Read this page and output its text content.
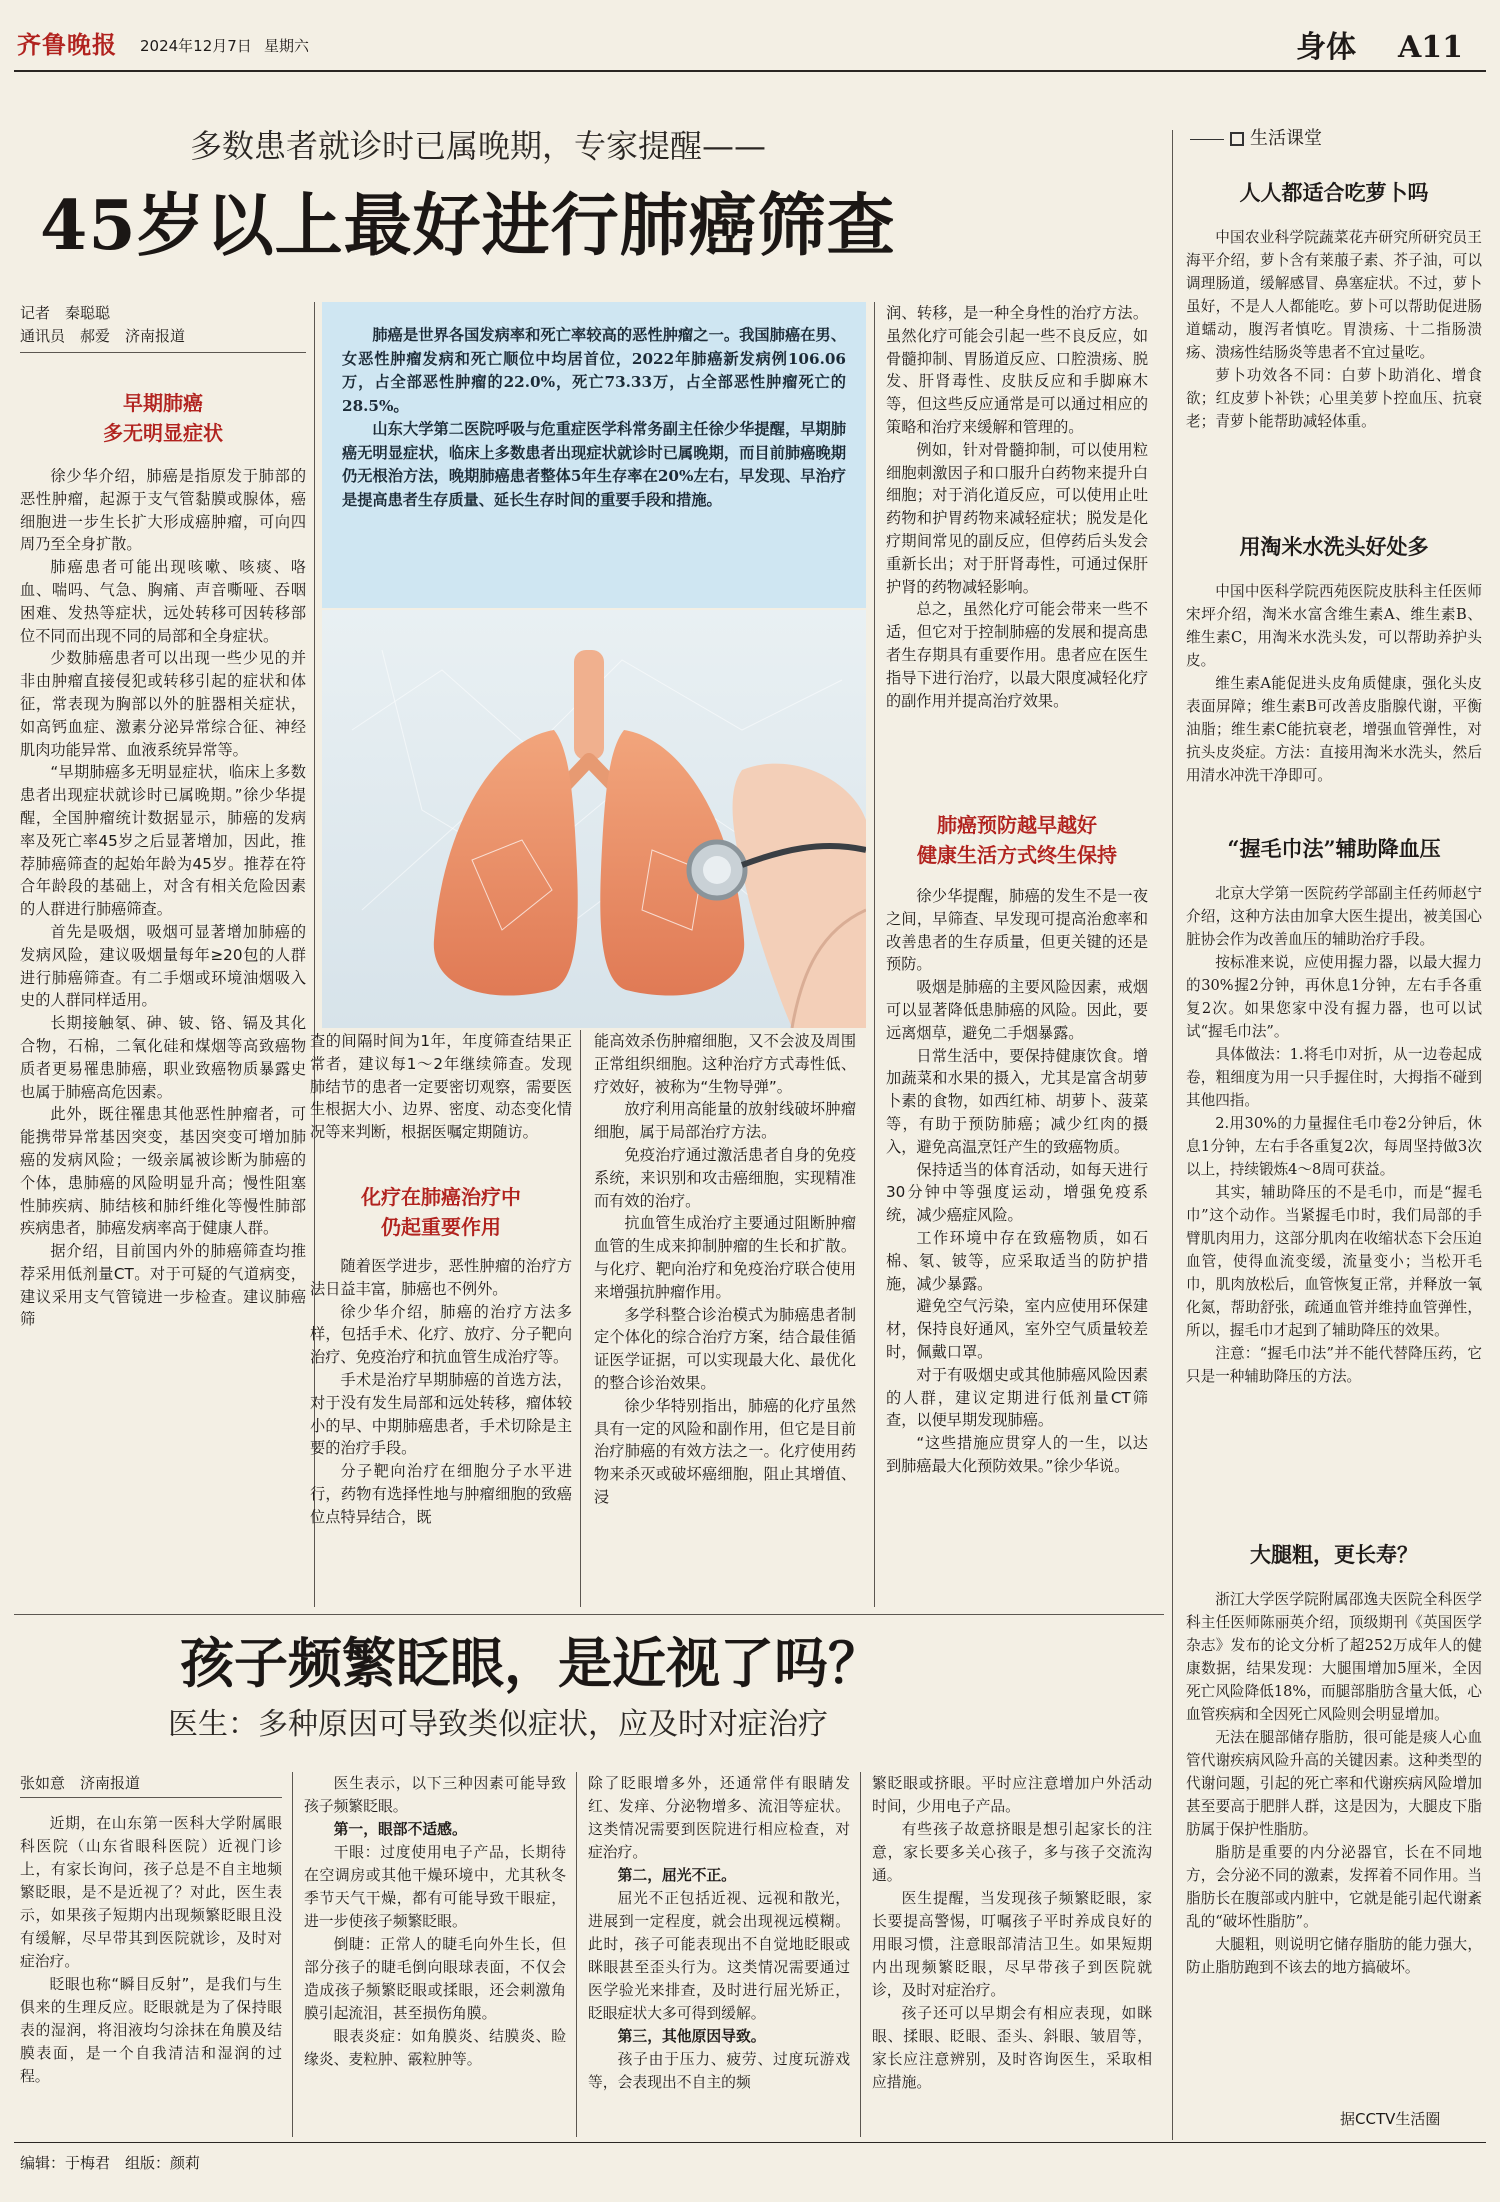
齐鲁晚报 2024年12月7日 星期六	身体 A11
多数患者就诊时已属晚期，专家提醒——
45岁以上最好进行肺癌筛查
记者　秦聪聪
通讯员　郝爱　济南报道
早期肺癌
多无明显症状

徐少华介绍，肺癌是指原发于肺部的恶性肿瘤，起源于支气管黏膜或腺体，癌细胞进一步生长扩大形成癌肿瘤，可向四周乃至全身扩散。

肺癌患者可能出现咳嗽、咳痰、咯血、喘吗、气急、胸痛、声音嘶哑、吞咽困难、发热等症状，远处转移可因转移部位不同而出现不同的局部和全身症状。

少数肺癌患者可以出现一些少见的并非由肿瘤直接侵犯或转移引起的症状和体征，常表现为胸部以外的脏器相关症状，如高钙血症、激素分泌异常综合征、神经肌肉功能异常、血液系统异常等。

“早期肺癌多无明显症状，临床上多数患者出现症状就诊时已属晚期。”徐少华提醒，全国肿瘤统计数据显示，肺癌的发病率及死亡率45岁之后显著增加，因此，推荐肺癌筛查的起始年龄为45岁。推荐在符合年龄段的基础上，对含有相关危险因素的人群进行肺癌筛查。

首先是吸烟，吸烟可显著增加肺癌的发病风险，建议吸烟量每年≥20包的人群进行肺癌筛查。有二手烟或环境油烟吸入史的人群同样适用。

长期接触氡、砷、铍、铬、镉及其化合物，石棉，二氧化硅和煤烟等高致癌物质者更易罹患肺癌，职业致癌物质暴露史也属于肺癌高危因素。

此外，既往罹患其他恶性肿瘤者，可能携带异常基因突变，基因突变可增加肺癌的发病风险；一级亲属被诊断为肺癌的个体，患肺癌的风险明显升高；慢性阻塞性肺疾病、肺结核和肺纤维化等慢性肺部疾病患者，肺癌发病率高于健康人群。

据介绍，目前国内外的肺癌筛查均推荐采用低剂量CT。对于可疑的气道病变，建议采用支气管镜进一步检查。建议肺癌筛

肺癌是世界各国发病率和死亡率较高的恶性肿瘤之一。我国肺癌在男、女恶性肿瘤发病和死亡顺位中均居首位，2022年肺癌新发病例106.06万，占全部恶性肿瘤的22.0%，死亡73.33万，占全部恶性肿瘤死亡的28.5%。

山东大学第二医院呼吸与危重症医学科常务副主任徐少华提醒，早期肺癌无明显症状，临床上多数患者出现症状就诊时已属晚期，而目前肺癌晚期仍无根治方法，晚期肺癌患者整体5年生存率在20%左右，早发现、早治疗是提高患者生存质量、延长生存时间的重要手段和措施。

查的间隔时间为1年，年度筛查结果正常者，建议每1～2年继续筛查。发现肺结节的患者一定要密切观察，需要医生根据大小、边界、密度、动态变化情况等来判断，根据医嘱定期随访。

化疗在肺癌治疗中
仍起重要作用

随着医学进步，恶性肿瘤的治疗方法日益丰富，肺癌也不例外。

徐少华介绍，肺癌的治疗方法多样，包括手术、化疗、放疗、分子靶向治疗、免疫治疗和抗血管生成治疗等。

手术是治疗早期肺癌的首选方法，对于没有发生局部和远处转移，瘤体较小的早、中期肺癌患者，手术切除是主要的治疗手段。

分子靶向治疗在细胞分子水平进行，药物有选择性地与肿瘤细胞的致癌位点特异结合，既

能高效杀伤肿瘤细胞，又不会波及周围正常组织细胞。这种治疗方式毒性低、疗效好，被称为“生物导弹”。

放疗利用高能量的放射线破坏肿瘤细胞，属于局部治疗方法。

免疫治疗通过激活患者自身的免疫系统，来识别和攻击癌细胞，实现精准而有效的治疗。

抗血管生成治疗主要通过阻断肿瘤血管的生成来抑制肿瘤的生长和扩散。与化疗、靶向治疗和免疫治疗联合使用来增强抗肿瘤作用。

多学科整合诊治模式为肺癌患者制定个体化的综合治疗方案，结合最佳循证医学证据，可以实现最大化、最优化的整合诊治效果。

徐少华特别指出，肺癌的化疗虽然具有一定的风险和副作用，但它是目前治疗肺癌的有效方法之一。化疗使用药物来杀灭或破坏癌细胞，阻止其增值、浸

润、转移，是一种全身性的治疗方法。虽然化疗可能会引起一些不良反应，如骨髓抑制、胃肠道反应、口腔溃疡、脱发、肝肾毒性、皮肤反应和手脚麻木等，但这些反应通常是可以通过相应的策略和治疗来缓解和管理的。

例如，针对骨髓抑制，可以使用粒细胞刺激因子和口服升白药物来提升白细胞；对于消化道反应，可以使用止吐药物和护胃药物来减轻症状；脱发是化疗期间常见的副反应，但停药后头发会重新长出；对于肝肾毒性，可通过保肝护肾的药物减轻影响。

总之，虽然化疗可能会带来一些不适，但它对于控制肺癌的发展和提高患者生存期具有重要作用。患者应在医生指导下进行治疗，以最大限度减轻化疗的副作用并提高治疗效果。

肺癌预防越早越好
健康生活方式终生保持

徐少华提醒，肺癌的发生不是一夜之间，早筛查、早发现可提高治愈率和改善患者的生存质量，但更关键的还是预防。

吸烟是肺癌的主要风险因素，戒烟可以显著降低患肺癌的风险。因此，要远离烟草，避免二手烟暴露。

日常生活中，要保持健康饮食。增加蔬菜和水果的摄入，尤其是富含胡萝卜素的食物，如西红柿、胡萝卜、菠菜等，有助于预防肺癌；减少红肉的摄入，避免高温烹饪产生的致癌物质。

保持适当的体育活动，如每天进行30分钟中等强度运动，增强免疫系统，减少癌症风险。

工作环境中存在致癌物质，如石棉、氡、铍等，应采取适当的防护措施，减少暴露。

避免空气污染，室内应使用环保建材，保持良好通风，室外空气质量较差时，佩戴口罩。

对于有吸烟史或其他肺癌风险因素的人群，建议定期进行低剂量CT筛查，以便早期发现肺癌。

“这些措施应贯穿人的一生，以达到肺癌最大化预防效果。”徐少华说。

生活课堂
人人都适合吃萝卜吗

中国农业科学院蔬菜花卉研究所研究员王海平介绍，萝卜含有莱菔子素、芥子油，可以调理肠道，缓解感冒、鼻塞症状。不过，萝卜虽好，不是人人都能吃。萝卜可以帮助促进肠道蠕动，腹泻者慎吃。胃溃疡、十二指肠溃疡、溃疡性结肠炎等患者不宜过量吃。

萝卜功效各不同：白萝卜助消化、增食欲；红皮萝卜补铁；心里美萝卜控血压、抗衰老；青萝卜能帮助减轻体重。

用淘米水洗头好处多

中国中医科学院西苑医院皮肤科主任医师宋坪介绍，淘米水富含维生素A、维生素B、维生素C，用淘米水洗头发，可以帮助养护头皮。

维生素A能促进头皮角质健康，强化头皮表面屏障；维生素B可改善皮脂腺代谢，平衡油脂；维生素C能抗衰老，增强血管弹性，对抗头皮炎症。方法：直接用淘米水洗头，然后用清水冲洗干净即可。

“握毛巾法”辅助降血压

北京大学第一医院药学部副主任药师赵宁介绍，这种方法由加拿大医生提出，被美国心脏协会作为改善血压的辅助治疗手段。

按标准来说，应使用握力器，以最大握力的30%握2分钟，再休息1分钟，左右手各重复2次。如果您家中没有握力器，也可以试试“握毛巾法”。

具体做法：1.将毛巾对折，从一边卷起成卷，粗细度为用一只手握住时，大拇指不碰到其他四指。

2.用30%的力量握住毛巾卷2分钟后，休息1分钟，左右手各重复2次，每周坚持做3次以上，持续锻炼4～8周可获益。

其实，辅助降压的不是毛巾，而是“握毛巾”这个动作。当紧握毛巾时，我们局部的手臂肌肉用力，这部分肌肉在收缩状态下会压迫血管，使得血流变缓，流量变小；当松开毛巾，肌肉放松后，血管恢复正常，并释放一氧化氮，帮助舒张，疏通血管并维持血管弹性，所以，握毛巾才起到了辅助降压的效果。

注意：“握毛巾法”并不能代替降压药，它只是一种辅助降压的方法。

大腿粗，更长寿？

浙江大学医学院附属邵逸夫医院全科医学科主任医师陈丽英介绍，顶级期刊《英国医学杂志》发布的论文分析了超252万成年人的健康数据，结果发现：大腿围增加5厘米，全因死亡风险降低18%，而腿部脂肪含量大低，心血管疾病和全因死亡风险则会明显增加。

无法在腿部储存脂肪，很可能是痰人心血管代谢疾病风险升高的关键因素。这种类型的代谢问题，引起的死亡率和代谢疾病风险增加甚至要高于肥胖人群，这是因为，大腿皮下脂肪属于保护性脂肪。

脂肪是重要的内分泌器官，长在不同地方，会分泌不同的激素，发挥着不同作用。当脂肪长在腹部或内脏中，它就是能引起代谢紊乱的“破坏性脂肪”。

大腿粗，则说明它储存脂肪的能力强大，防止脂肪跑到不该去的地方搞破坏。

据CCTV生活圈
孩子频繁眨眼，是近视了吗？
医生：多种原因可导致类似症状，应及时对症治疗
张如意　济南报道

近期，在山东第一医科大学附属眼科医院（山东省眼科医院）近视门诊上，有家长询问，孩子总是不自主地频繁眨眼，是不是近视了？对此，医生表示，如果孩子短期内出现频繁眨眼且没有缓解，尽早带其到医院就诊，及时对症治疗。

眨眼也称“瞬目反射”，是我们与生俱来的生理反应。眨眼就是为了保持眼表的湿润，将泪液均匀涂抹在角膜及结膜表面，是一个自我清洁和湿润的过程。

医生表示，以下三种因素可能导致孩子频繁眨眼。

第一，眼部不适感。

干眼：过度使用电子产品，长期待在空调房或其他干燥环境中，尤其秋冬季节天气干燥，都有可能导致干眼症，进一步使孩子频繁眨眼。

倒睫：正常人的睫毛向外生长，但部分孩子的睫毛倒向眼球表面，不仅会造成孩子频繁眨眼或揉眼，还会刺激角膜引起流泪，甚至损伤角膜。

眼表炎症：如角膜炎、结膜炎、睑缘炎、麦粒肿、霰粒肿等。

除了眨眼增多外，还通常伴有眼睛发红、发痒、分泌物增多、流泪等症状。这类情况需要到医院进行相应检查，对症治疗。

第二，屈光不正。

屈光不正包括近视、远视和散光，进展到一定程度，就会出现视远模糊。此时，孩子可能表现出不自觉地眨眼或眯眼甚至歪头行为。这类情况需要通过医学验光来排查，及时进行屈光矫正，眨眼症状大多可得到缓解。

第三，其他原因导致。

孩子由于压力、疲劳、过度玩游戏等，会表现出不自主的频

繁眨眼或挤眼。平时应注意增加户外活动时间，少用电子产品。

有些孩子故意挤眼是想引起家长的注意，家长要多关心孩子，多与孩子交流沟通。

医生提醒，当发现孩子频繁眨眼，家长要提高警惕，叮嘱孩子平时养成良好的用眼习惯，注意眼部清洁卫生。如果短期内出现频繁眨眼，尽早带孩子到医院就诊，及时对症治疗。

孩子还可以早期会有相应表现，如眯眼、揉眼、眨眼、歪头、斜眼、皱眉等，家长应注意辨别，及时咨询医生，采取相应措施。

编辑：于梅君　组版：颜莉
